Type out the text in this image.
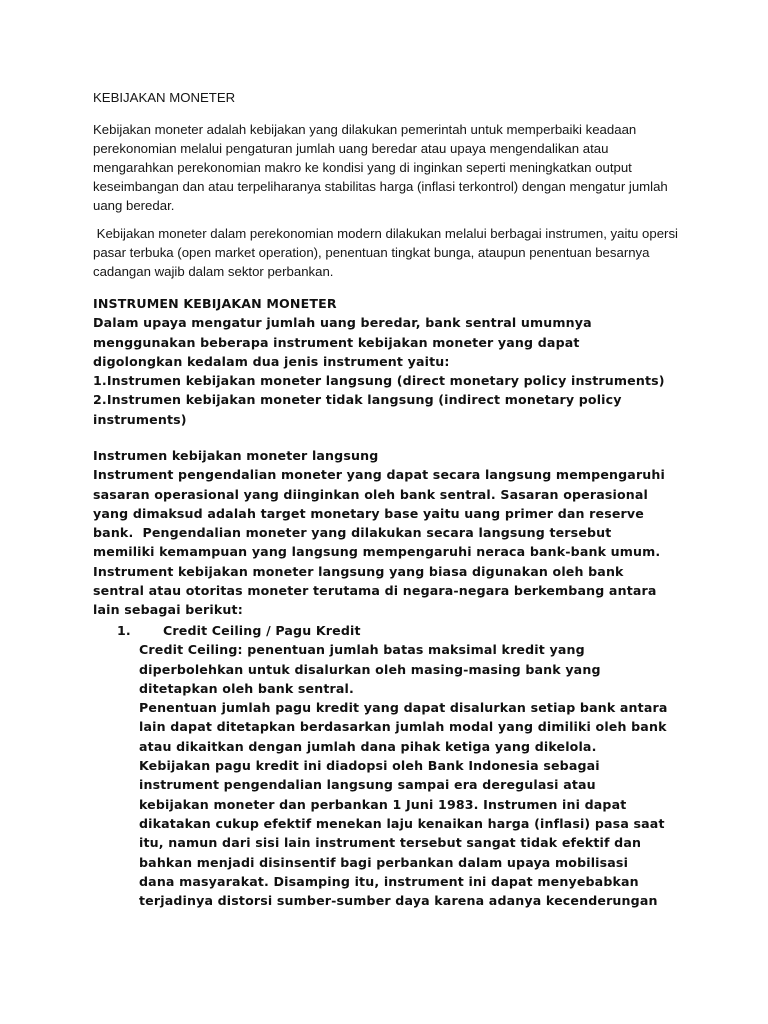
KEBIJAKAN MONETER

Kebijakan moneter adalah kebijakan yang dilakukan pemerintah untuk memperbaiki keadaan
perekonomian melalui pengaturan jumlah uang beredar atau upaya mengendalikan atau
mengarahkan perekonomian makro ke kondisi yang di inginkan seperti meningkatkan output
keseimbangan dan atau terpeliharanya stabilitas harga (inflasi terkontrol) dengan mengatur jumlah
uang beredar.
Kebijakan moneter dalam perekonomian modern dilakukan melalui berbagai instrumen, yaitu opersi
pasar terbuka (open market operation), penentuan tingkat bunga, ataupun penentuan besarnya
cadangan wajib dalam sektor perbankan.
INSTRUMEN KEBIJAKAN MONETER
Dalam upaya mengatur jumlah uang beredar, bank sentral umumnya
menggunakan beberapa instrument kebijakan moneter yang dapat
digolongkan kedalam dua jenis instrument yaitu:
1.Instrumen kebijakan moneter langsung (direct monetary policy instruments)
2.Instrumen kebijakan moneter tidak langsung (indirect monetary policy
instruments)
Instrumen kebijakan moneter langsung
Instrument pengendalian moneter yang dapat secara langsung mempengaruhi
sasaran operasional yang diinginkan oleh bank sentral. Sasaran operasional
yang dimaksud adalah target monetary base yaitu uang primer dan reserve
bank.  Pengendalian moneter yang dilakukan secara langsung tersebut
memiliki kemampuan yang langsung mempengaruhi neraca bank-bank umum.
Instrument kebijakan moneter langsung yang biasa digunakan oleh bank
sentral atau otoritas moneter terutama di negara-negara berkembang antara
lain sebagai berikut:
1.	Credit Ceiling / Pagu Kredit
Credit Ceiling: penentuan jumlah batas maksimal kredit yang
diperbolehkan untuk disalurkan oleh masing-masing bank yang
ditetapkan oleh bank sentral.
Penentuan jumlah pagu kredit yang dapat disalurkan setiap bank antara
lain dapat ditetapkan berdasarkan jumlah modal yang dimiliki oleh bank
atau dikaitkan dengan jumlah dana pihak ketiga yang dikelola.
Kebijakan pagu kredit ini diadopsi oleh Bank Indonesia sebagai
instrument pengendalian langsung sampai era deregulasi atau
kebijakan moneter dan perbankan 1 Juni 1983. Instrumen ini dapat
dikatakan cukup efektif menekan laju kenaikan harga (inflasi) pasa saat
itu, namun dari sisi lain instrument tersebut sangat tidak efektif dan
bahkan menjadi disinsentif bagi perbankan dalam upaya mobilisasi
dana masyarakat. Disamping itu, instrument ini dapat menyebabkan
terjadinya distorsi sumber-sumber daya karena adanya kecenderungan
